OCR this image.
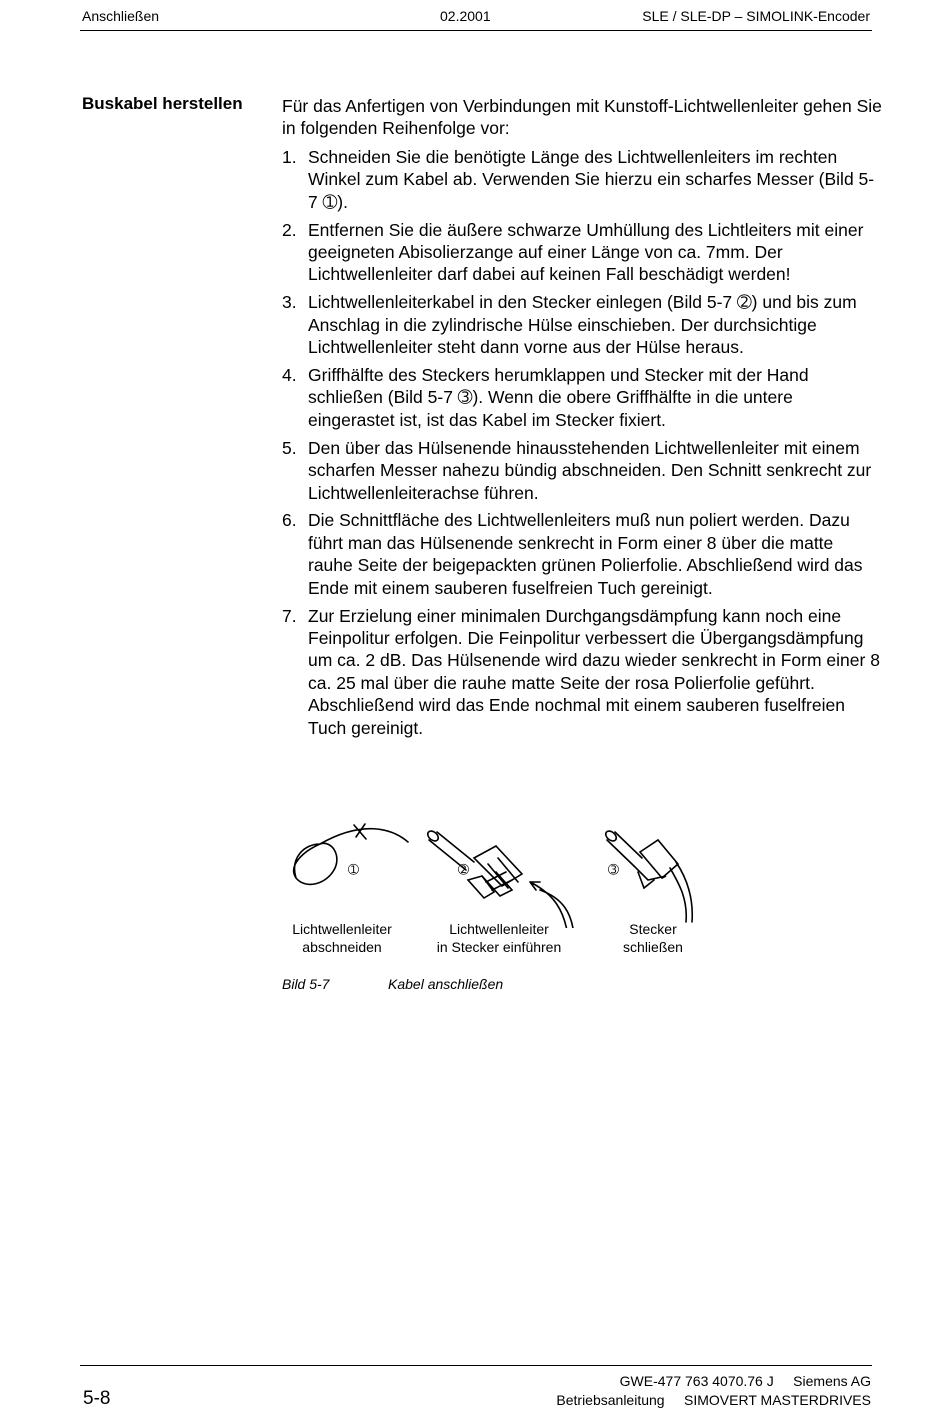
Anschließen	02.2001	SLE / SLE-DP – SIMOLINK-Encoder
Buskabel herstellen Für das Anfertigen von Verbindungen mit Kunstoff-Lichtwellenleiter gehen Sie in folgenden Reihenfolge vor:

1. Schneiden Sie die benötigte Länge des Lichtwellenleiters im rechten Winkel zum Kabel ab. Verwenden Sie hierzu ein scharfes Messer (Bild 5-7 ➀).
2. Entfernen Sie die äußere schwarze Umhüllung des Lichtleiters mit einer geeigneten Abisolierzange auf einer Länge von ca. 7mm. Der Lichtwellenleiter darf dabei auf keinen Fall beschädigt werden!
3. Lichtwellenleiterkabel in den Stecker einlegen (Bild 5-7 ➁) und bis zum Anschlag in die zylindrische Hülse einschieben. Der durchsichtige Lichtwellenleiter steht dann vorne aus der Hülse heraus.
4. Griffhälfte des Steckers herumklappen und Stecker mit der Hand schließen (Bild 5-7 ➂). Wenn die obere Griffhälfte in die untere eingerastet ist, ist das Kabel im Stecker fixiert.
5. Den über das Hülsenende hinausstehenden Lichtwellenleiter mit einem scharfen Messer nahezu bündig abschneiden. Den Schnitt senkrecht zur Lichtwellenleiterachse führen.
6. Die Schnittfläche des Lichtwellenleiters muß nun poliert werden. Dazu führt man das Hülsenende senkrecht in Form einer 8 über die matte rauhe Seite der beigepackten grünen Polierfolie. Abschließend wird das Ende mit einem sauberen fuselfreien Tuch gereinigt.
7. Zur Erzielung einer minimalen Durchgangsdämpfung kann noch eine Feinpolitur erfolgen. Die Feinpolitur verbessert die Übergangsdämpfung um ca. 2 dB. Das Hülsenende wird dazu wieder senkrecht in Form einer 8 ca. 25 mal über die rauhe matte Seite der rosa Polierfolie geführt. Abschließend wird das Ende nochmal mit einem sauberen fuselfreien Tuch gereinigt.
➀	➁	➂
Lichtwellenleiter
abschneiden
Lichtwellenleiter
in Stecker einführen
Stecker
schließen
Bild 5-7	Kabel anschließen
5-8
GWE-477 763 4070.76 J     Siemens AG
Betriebsanleitung     SIMOVERT MASTERDRIVES
